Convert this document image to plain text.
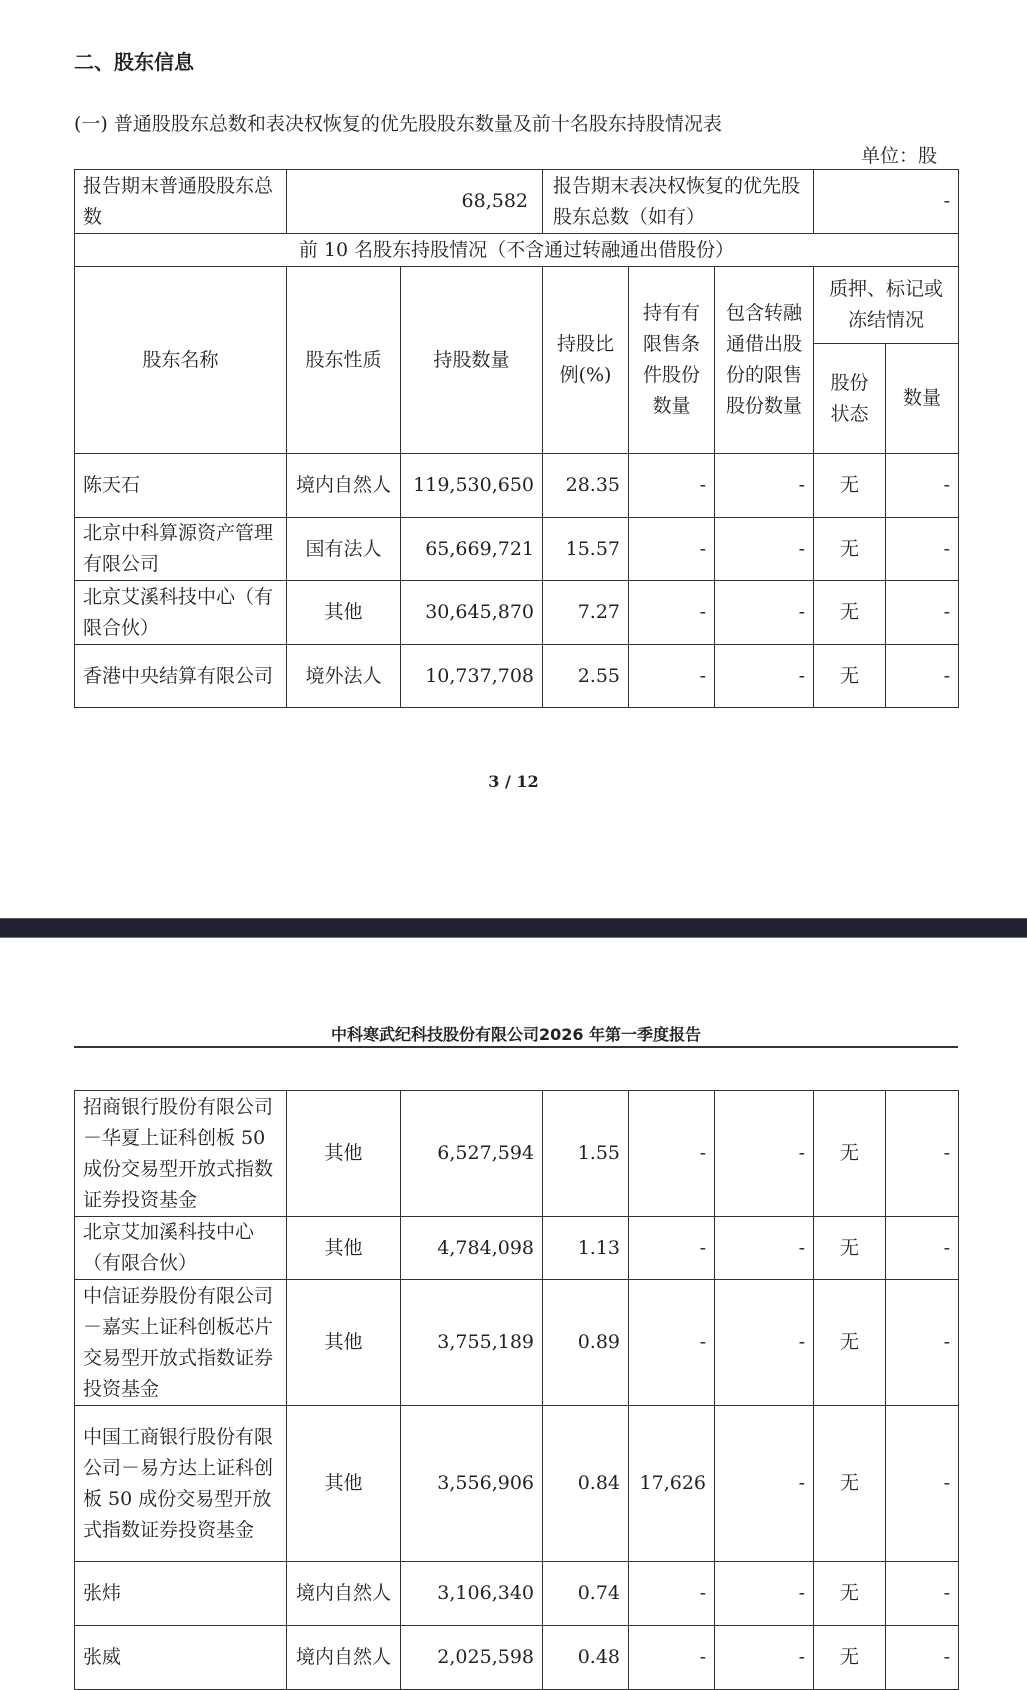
二、股东信息
(一) 普通股股东总数和表决权恢复的优先股股东数量及前十名股东持股情况表
单位：股
报告期末普通股股东总数	68,582		报告期末表决权恢复的优先股股东总数（如有）			-	
前 10 名股东持股情况（不含通过转融通出借股份）							
股东名称	股东性质	持股数量	持股比例(%)	持有有限售条件股份数量	包含转融通借出股份的限售股份数量	质押、标记或冻结情况	
						股份状态	数量
陈天石	境内自然人	119,530,650	28.35	-	-	无	-
北京中科算源资产管理有限公司	国有法人	65,669,721	15.57	-	-	无	-
北京艾溪科技中心（有限合伙）	其他	30,645,870	7.27	-	-	无	-
香港中央结算有限公司	境外法人	10,737,708	2.55	-	-	无	-
3 / 12
中科寒武纪科技股份有限公司2026 年第一季度报告
招商银行股份有限公司－华夏上证科创板 50 成份交易型开放式指数证券投资基金	其他	6,527,594	1.55	-	-	无	-
北京艾加溪科技中心（有限合伙）	其他	4,784,098	1.13	-	-	无	-
中信证券股份有限公司－嘉实上证科创板芯片交易型开放式指数证券投资基金	其他	3,755,189	0.89	-	-	无	-
中国工商银行股份有限公司－易方达上证科创板 50 成份交易型开放式指数证券投资基金	其他	3,556,906	0.84	17,626	-	无	-
张炜	境内自然人	3,106,340	0.74	-	-	无	-
张威	境内自然人	2,025,598	0.48	-	-	无	-
